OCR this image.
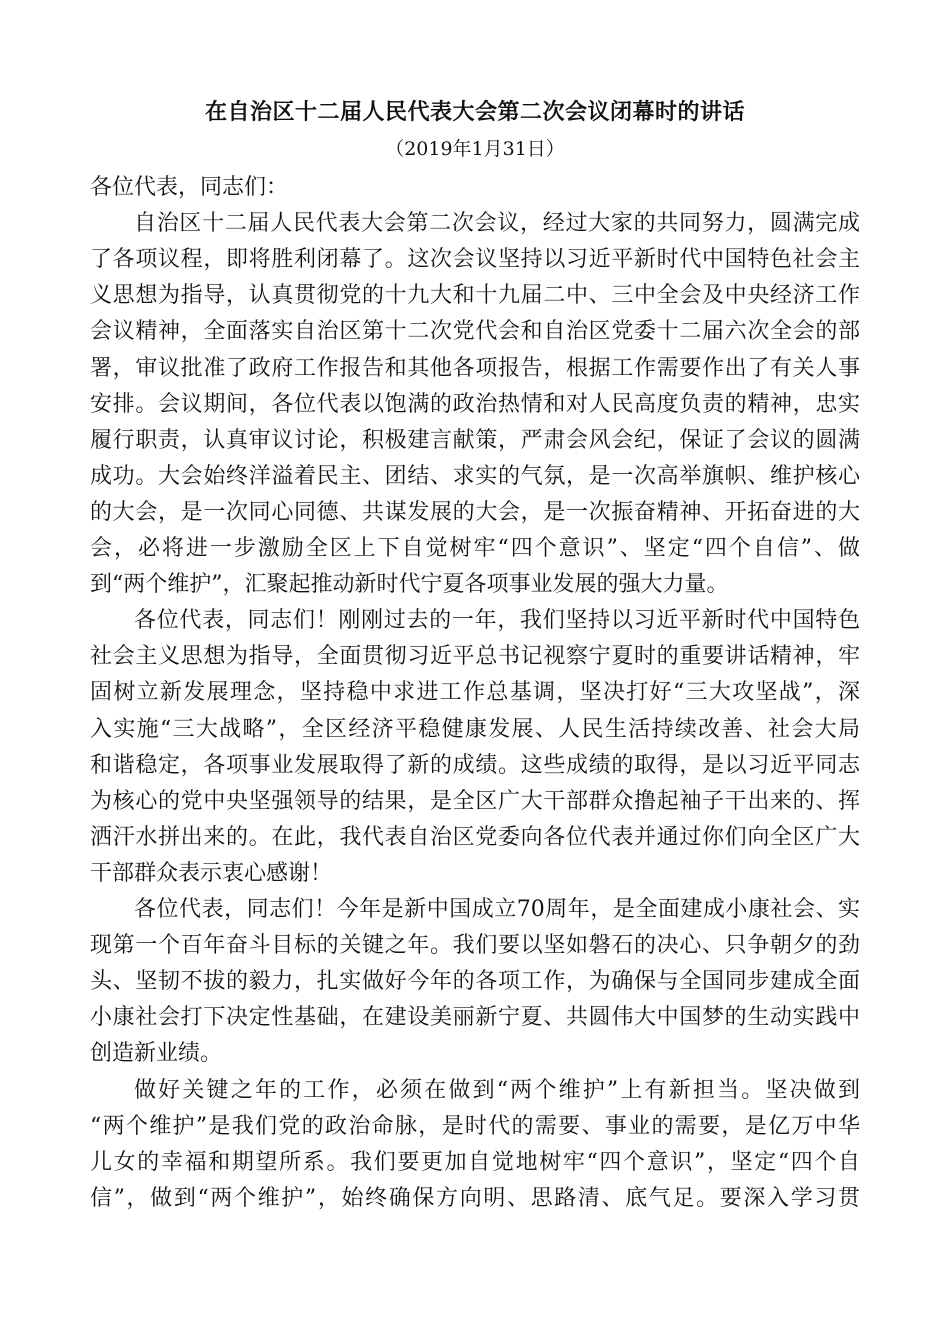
在自治区十二届人民代表大会第二次会议闭幕时的讲话
（2019年1月31日）
各位代表，同志们：
自治区十二届人民代表大会第二次会议，经过大家的共同努力，圆满完成
了各项议程，即将胜利闭幕了。这次会议坚持以习近平新时代中国特色社会主
义思想为指导，认真贯彻党的十九大和十九届二中、三中全会及中央经济工作
会议精神，全面落实自治区第十二次党代会和自治区党委十二届六次全会的部
署，审议批准了政府工作报告和其他各项报告，根据工作需要作出了有关人事
安排。会议期间，各位代表以饱满的政治热情和对人民高度负责的精神，忠实
履行职责，认真审议讨论，积极建言献策，严肃会风会纪，保证了会议的圆满
成功。大会始终洋溢着民主、团结、求实的气氛，是一次高举旗帜、维护核心
的大会，是一次同心同德、共谋发展的大会，是一次振奋精神、开拓奋进的大
会，必将进一步激励全区上下自觉树牢“四个意识”、坚定“四个自信”、做
到“两个维护”，汇聚起推动新时代宁夏各项事业发展的强大力量。
各位代表，同志们！刚刚过去的一年，我们坚持以习近平新时代中国特色
社会主义思想为指导，全面贯彻习近平总书记视察宁夏时的重要讲话精神，牢
固树立新发展理念，坚持稳中求进工作总基调，坚决打好“三大攻坚战”，深
入实施“三大战略”，全区经济平稳健康发展、人民生活持续改善、社会大局
和谐稳定，各项事业发展取得了新的成绩。这些成绩的取得，是以习近平同志
为核心的党中央坚强领导的结果，是全区广大干部群众撸起袖子干出来的、挥
洒汗水拼出来的。在此，我代表自治区党委向各位代表并通过你们向全区广大
干部群众表示衷心感谢！
各位代表，同志们！今年是新中国成立70周年，是全面建成小康社会、实
现第一个百年奋斗目标的关键之年。我们要以坚如磐石的决心、只争朝夕的劲
头、坚韧不拔的毅力，扎实做好今年的各项工作，为确保与全国同步建成全面
小康社会打下决定性基础，在建设美丽新宁夏、共圆伟大中国梦的生动实践中
创造新业绩。
做好关键之年的工作，必须在做到“两个维护”上有新担当。坚决做到
“两个维护”是我们党的政治命脉，是时代的需要、事业的需要，是亿万中华
儿女的幸福和期望所系。我们要更加自觉地树牢“四个意识”，坚定“四个自
信”，做到“两个维护”，始终确保方向明、思路清、底气足。要深入学习贯
